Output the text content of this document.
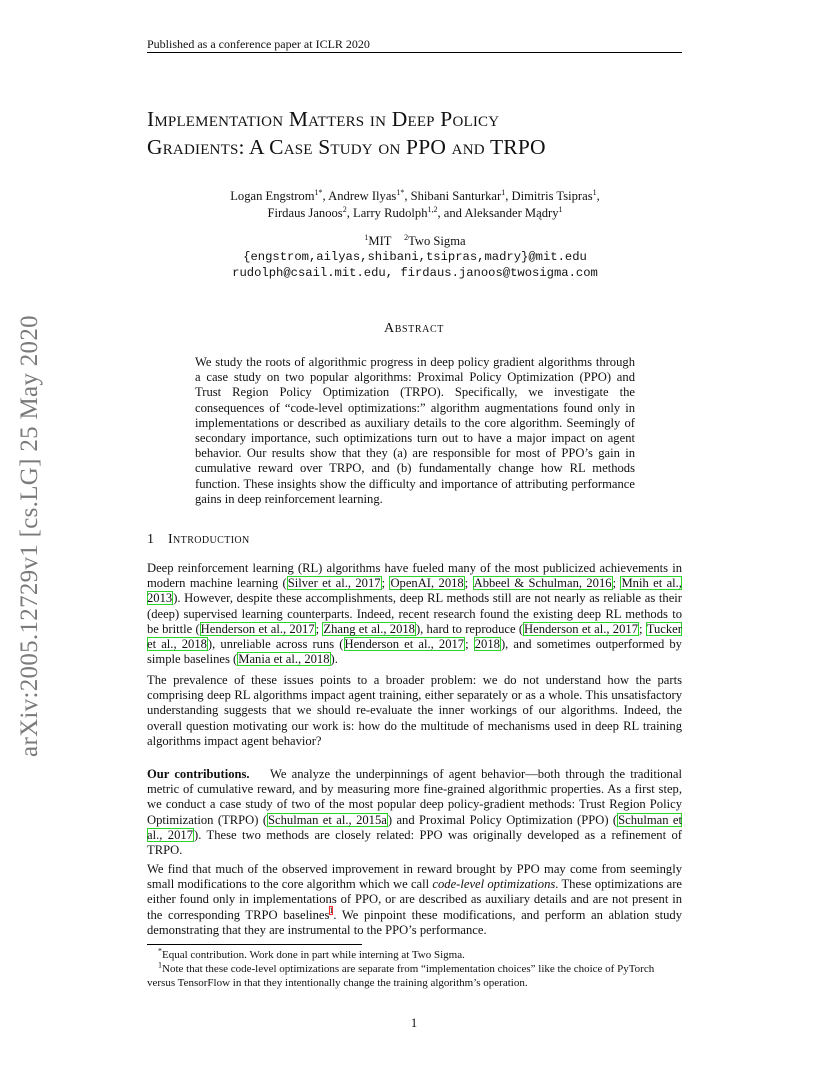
Published as a conference paper at ICLR 2020
arXiv:2005.12729v1 [cs.LG] 25 May 2020
Implementation Matters in Deep Policy
Gradients: A Case Study on PPO and TRPO
Logan Engstrom$^{1*}$, Andrew Ilyas$^{1*}$, Shibani Santurkar$^1$, Dimitris Tsipras$^1$,
Firdaus Janoos$^2$, Larry Rudolph$^{1,2}$, and Aleksander Mądry$^1$
$^1$MIT $^2$Two Sigma
{engstrom,ailyas,shibani,tsipras,madry}@mit.edu
rudolph@csail.mit.edu, firdaus.janoos@twosigma.com
Abstract
We study the roots of algorithmic progress in deep policy gradient algorithms through a case study on two popular algorithms: Proximal Policy Optimization (PPO) and Trust Region Policy Optimization (TRPO). Specifically, we investigate the consequences of “code-level optimizations:” algorithm augmentations found only in implementations or described as auxiliary details to the core algorithm. Seemingly of secondary importance, such optimizations turn out to have a major impact on agent behavior. Our results show that they (a) are responsible for most of PPO’s gain in cumulative reward over TRPO, and (b) fundamentally change how RL methods function. These insights show the difficulty and importance of attributing performance gains in deep reinforcement learning.
1 Introduction
Deep reinforcement learning (RL) algorithms have fueled many of the most publicized achievements in modern machine learning (Silver et al., 2017; OpenAI, 2018; Abbeel & Schulman, 2016; Mnih et al., 2013). However, despite these accomplishments, deep RL methods still are not nearly as reliable as their (deep) supervised learning counterparts. Indeed, recent research found the existing deep RL methods to be brittle (Henderson et al., 2017; Zhang et al., 2018), hard to reproduce (Henderson et al., 2017; Tucker et al., 2018), unreliable across runs (Henderson et al., 2017; 2018), and sometimes outperformed by simple baselines (Mania et al., 2018).
The prevalence of these issues points to a broader problem: we do not understand how the parts comprising deep RL algorithms impact agent training, either separately or as a whole. This unsatisfactory understanding suggests that we should re-evaluate the inner workings of our algorithms. Indeed, the overall question motivating our work is: how do the multitude of mechanisms used in deep RL training algorithms impact agent behavior?
Our contributions. We analyze the underpinnings of agent behavior—both through the traditional metric of cumulative reward, and by measuring more fine-grained algorithmic properties. As a first step, we conduct a case study of two of the most popular deep policy-gradient methods: Trust Region Policy Optimization (TRPO) (Schulman et al., 2015a) and Proximal Policy Optimization (PPO) (Schulman et al., 2017). These two methods are closely related: PPO was originally developed as a refinement of TRPO.
We find that much of the observed improvement in reward brought by PPO may come from seemingly small modifications to the core algorithm which we call code-level optimizations. These optimizations are either found only in implementations of PPO, or are described as auxiliary details and are not present in the corresponding TRPO baselines$^1$. We pinpoint these modifications, and perform an ablation study demonstrating that they are instrumental to the PPO’s performance.
*Equal contribution. Work done in part while interning at Two Sigma.
$^1$Note that these code-level optimizations are separate from “implementation choices” like the choice of PyTorch versus TensorFlow in that they intentionally change the training algorithm’s operation.
1
